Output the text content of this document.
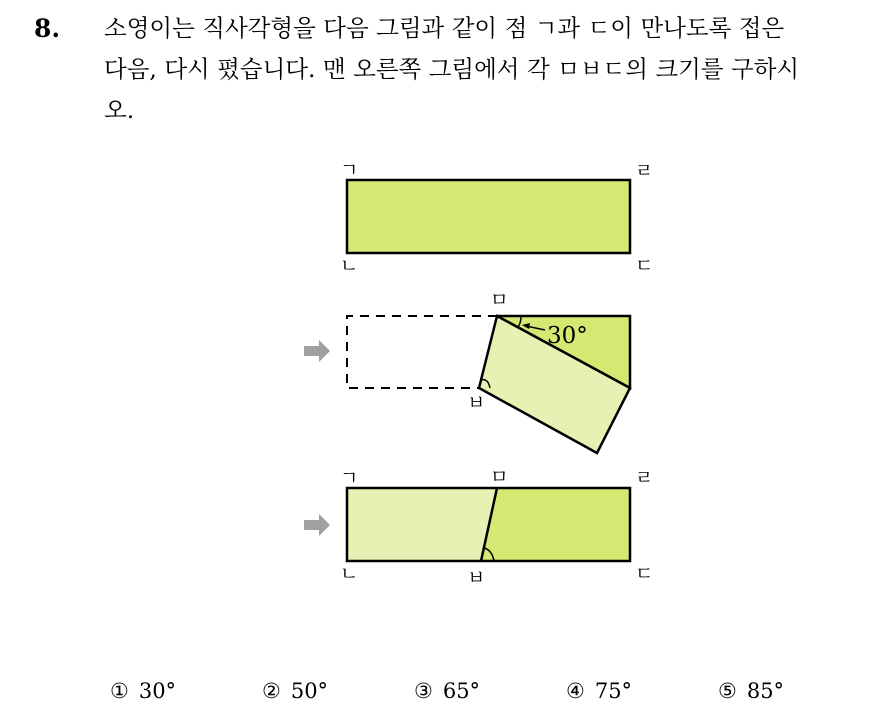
8. 소영이는 직사각형을 다음 그림과 같이 점 ㄱ과 ㄷ이 만나도록 접은
다음, 다시 폈습니다. 맨 오른쪽 그림에서 각 ㅁㅂㄷ의 크기를 구하시
오.
ㄱ	ㄹ
ㄴ	ㄷ
30°
ㅁ
ㅂ
ㄱ	ㅁ	ㄹ
ㄴ	ㅂ	ㄷ
① 30°	② 50°	③ 65°	④ 75°	⑤ 85°
